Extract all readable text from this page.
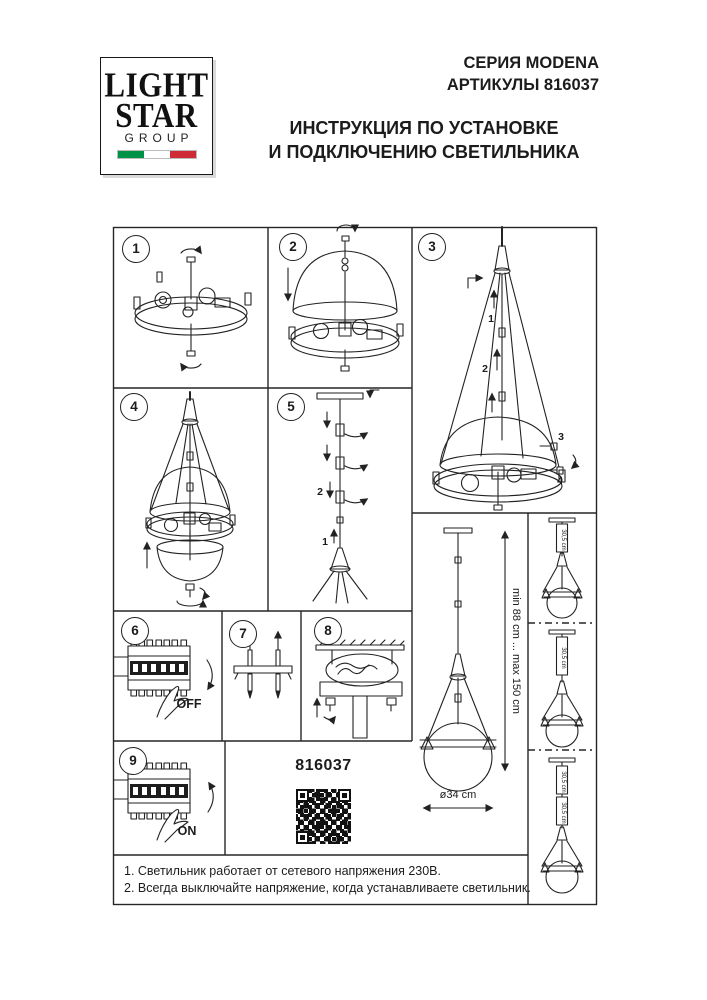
1
2
3
4
2
1
OFF
ON
min 88 cm ... max 150 cm
ø34 cm
30,5 cm
30,5 cm
30,5 cm
30,5 cm
LIGHT
STAR
GROUP
СЕРИЯ MODENA
АРТИКУЛЫ 816037
ИНСТРУКЦИЯ ПО УСТАНОВКЕ
И ПОДКЛЮЧЕНИЮ СВЕТИЛЬНИКА
1	2	3
4	5
6	7	8
9	816037
1. Светильник работает от сетевого напряжения 230В.
2. Всегда выключайте напряжение, когда устанавливаете светильник.
